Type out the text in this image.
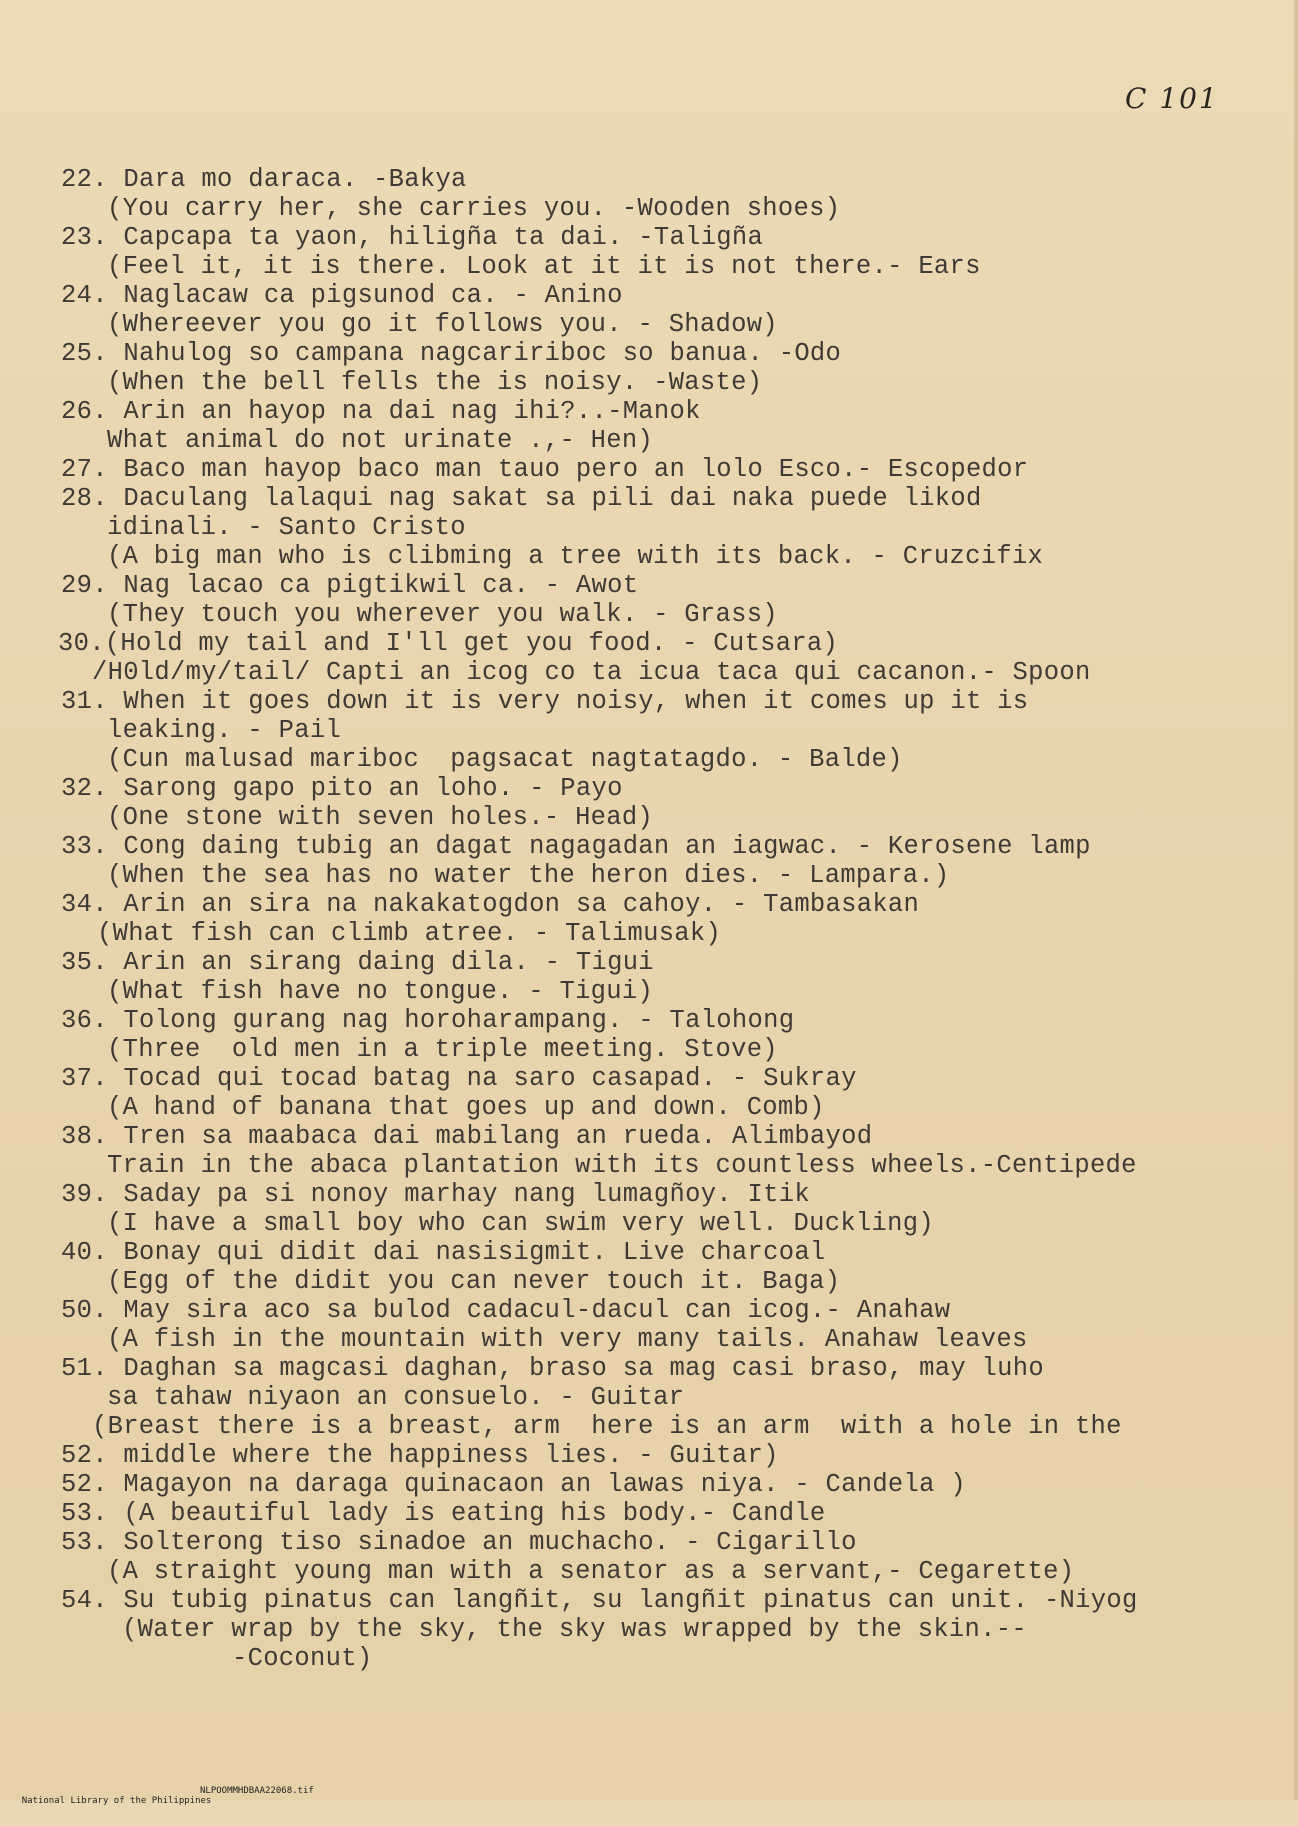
C 101
22. Dara mo daraca. -Bakya
(You carry her, she carries you. -Wooden shoes)
23. Capcapa ta yaon, hiligña ta dai. -Taligña
(Feel it, it is there. Look at it it is not there.- Ears
24. Naglacaw ca pigsunod ca. - Anino
(Whereever you go it follows you. - Shadow)
25. Nahulog so campana nagcaririboc so banua. -Odo
(When the bell fells the is noisy. -Waste)
26. Arin an hayop na dai nag ihi?..-Manok
What animal do not urinate .,- Hen)
27. Baco man hayop baco man tauo pero an lolo Esco.- Escopedor
28. Daculang lalaqui nag sakat sa pili dai naka puede likod
idinali. - Santo Cristo
(A big man who is clibming a tree with its back. - Cruzcifix
29. Nag lacao ca pigtikwil ca. - Awot
(They touch you wherever you walk. - Grass)
30.(Hold my tail and I'll get you food. - Cutsara)
/H0ld/my/tail/ Capti an icog co ta icua taca qui cacanon.- Spoon
31. When it goes down it is very noisy, when it comes up it is
leaking. - Pail
(Cun malusad mariboc  pagsacat nagtatagdo. - Balde)
32. Sarong gapo pito an loho. - Payo
(One stone with seven holes.- Head)
33. Cong daing tubig an dagat nagagadan an iagwac. - Kerosene lamp
(When the sea has no water the heron dies. - Lampara.)
34. Arin an sira na nakakatogdon sa cahoy. - Tambasakan
(What fish can climb atree. - Talimusak)
35. Arin an sirang daing dila. - Tigui
(What fish have no tongue. - Tigui)
36. Tolong gurang nag horoharampang. - Talohong
(Three  old men in a triple meeting. Stove)
37. Tocad qui tocad batag na saro casapad. - Sukray
(A hand of banana that goes up and down. Comb)
38. Tren sa maabaca dai mabilang an rueda. Alimbayod
Train in the abaca plantation with its countless wheels.-Centipede
39. Saday pa si nonoy marhay nang lumagñoy. Itik
(I have a small boy who can swim very well. Duckling)
40. Bonay qui didit dai nasisigmit. Live charcoal
(Egg of the didit you can never touch it. Baga)
50. May sira aco sa bulod cadacul-dacul can icog.- Anahaw
(A fish in the mountain with very many tails. Anahaw leaves
51. Daghan sa magcasi daghan, braso sa mag casi braso, may luho
sa tahaw niyaon an consuelo. - Guitar
(Breast there is a breast, arm  here is an arm  with a hole in the
52. middle where the happiness lies. - Guitar)
52. Magayon na daraga quinacaon an lawas niya. - Candela )
53. (A beautiful lady is eating his body.- Candle
53. Solterong tiso sinadoe an muchacho. - Cigarillo
(A straight young man with a senator as a servant,- Cegarette)
54. Su tubig pinatus can langñit, su langñit pinatus can unit. -Niyog
(Water wrap by the sky, the sky was wrapped by the skin.--
-Coconut)

National Library of the Philippines

NLPOOMMHDBAA22068.tif
